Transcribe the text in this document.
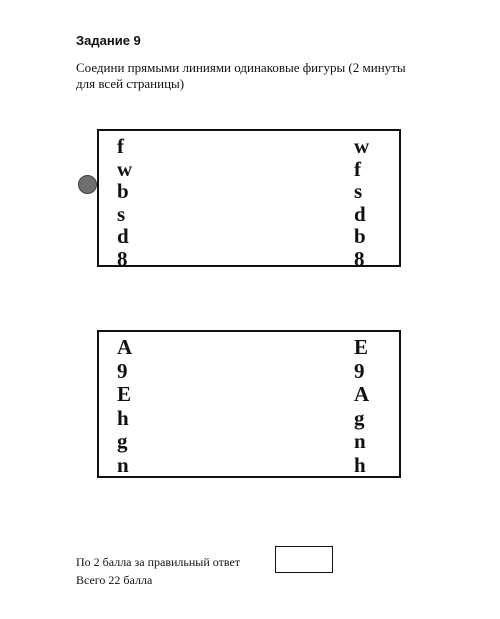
Задание 9

Соедини прямыми линиями одинаковые фигуры (2 минуты для всей страницы)

f
w
b
s
d
8
w
f
s
d
b
8
A
9
E
h
g
n
E
9
A
g
n
h

По 2 балла за правильный ответ

Всего 22 балла
